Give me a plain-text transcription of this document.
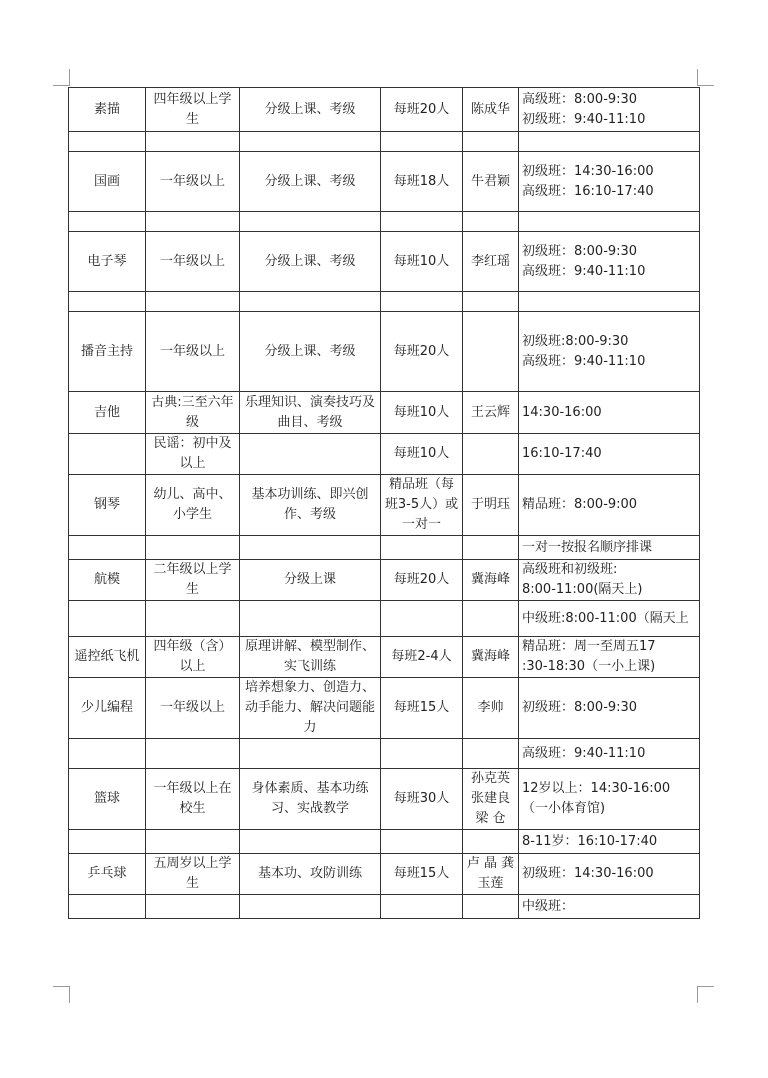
素描	四年级以上学生	分级上课、考级	每班20人	陈成华	高级班：8:00-9:30
初级班：9:40-11:10

国画	一年级以上	分级上课、考级	每班18人	牛君颖	初级班：14:30-16:00
高级班：16:10-17:40

电子琴	一年级以上	分级上课、考级	每班10人	李红瑶	初级班：8:00-9:30
高级班：9:40-11:10

播音主持	一年级以上	分级上课、考级	每班20人		初级班:8:00-9:30
高级班：9:40-11:10

吉他	古典:三至六年级	乐理知识、演奏技巧及曲目、考级	每班10人	王云辉	14:30-16:00

	民谣：初中及以上		每班10人		16:10-17:40

钢琴	幼儿、高中、小学生	基本功训练、即兴创作、考级	精品班（每班3-5人）或一对一	于明珏	精品班：8:00-9:00

					一对一按报名顺序排课

航模	二年级以上学生	分级上课	每班20人	冀海峰	高级班和初级班:
8:00-11:00(隔天上)

					中级班:8:00-11:00（隔天上

遥控纸飞机	四年级（含）以上	原理讲解、模型制作、实飞训练	每班2-4人	冀海峰	精品班：周一至周五17
:30-18:30（一小上课)

少儿编程	一年级以上	培养想象力、创造力、动手能力、解决问题能力	每班15人	李帅	初级班：8:00-9:30

					高级班：9:40-11:10

篮球	一年级以上在校生	身体素质、基本功练习、实战教学	每班30人	孙克英 张建良 梁 仓	12岁以上：14:30-16:00
（一小体育馆)

					8-11岁：16:10-17:40

乒乓球	五周岁以上学生	基本功、攻防训练	每班15人	卢 晶 龚玉莲	初级班：14:30-16:00

					中级班：
